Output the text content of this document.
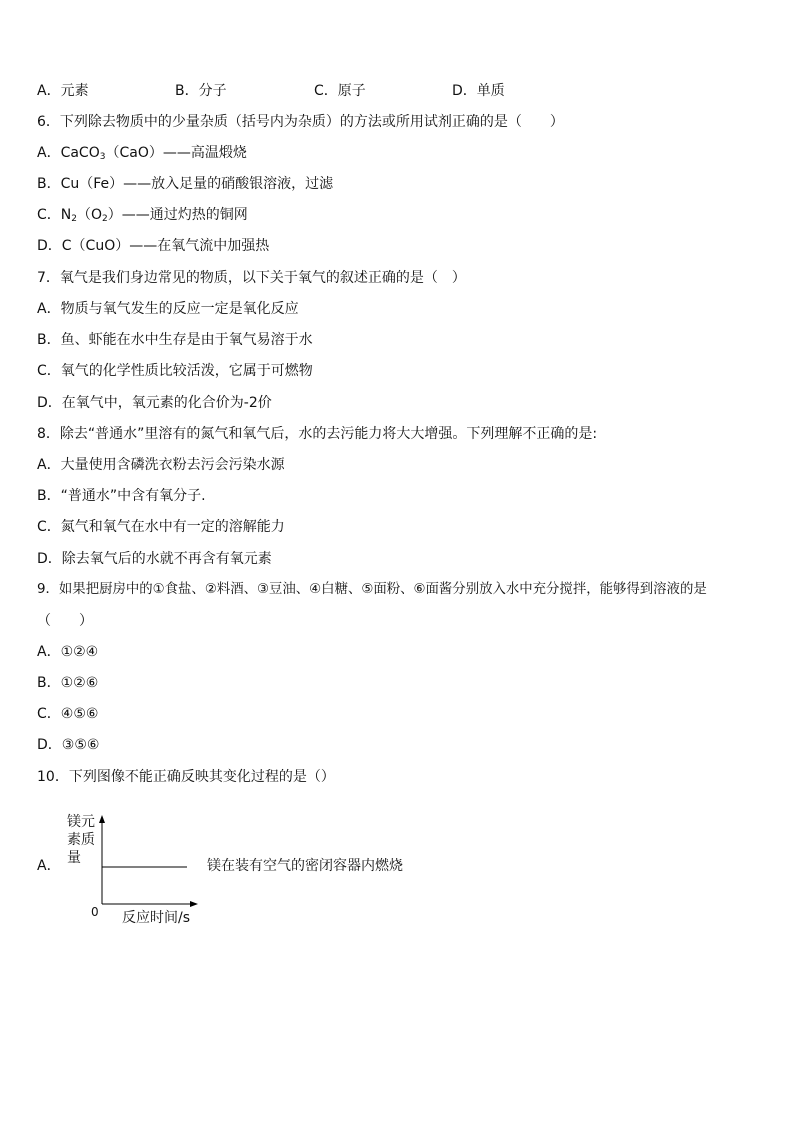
A．元素	B．分子	C．原子	D．单质
6．下列除去物质中的少量杂质（括号内为杂质）的方法或所用试剂正确的是（　　）
A．CaCO$_3$（CaO）——高温煅烧
B．Cu（Fe）——放入足量的硝酸银溶液，过滤
C．$N_2(O_2)——$通过灼热的铜网
D．C（CuO）——在氧气流中加强热
7．氧气是我们身边常见的物质，以下关于氧气的叙述正确的是（　）
A．物质与氧气发生的反应一定是氧化反应
B．鱼、虾能在水中生存是由于氧气易溶于水
C．氧气的化学性质比较活泼，它属于可燃物
D．在氧气中，氧元素的化合价为-2价
8．除去“普通水”里溶有的氮气和氧气后，水的去污能力将大大增强。下列理解不正确的是:
A．大量使用含磷洗衣粉去污会污染水源
B．“普通水”中含有氧分子.
C．氮气和氧气在水中有一定的溶解能力
D．除去氧气后的水就不再含有氧元素
9．如果把厨房中的①食盐、②料酒、③豆油、④白糖、⑤面粉、⑥面酱分别放入水中充分搅拌，能够得到溶液的是
（　　）
A．①②④
B．①②⑥
C．④⑤⑥
D．③⑤⑥
10．下列图像不能正确反映其变化过程的是（）
A．
镁元
素质
量
0 反应时间/s
镁在装有空气的密闭容器内燃烧
